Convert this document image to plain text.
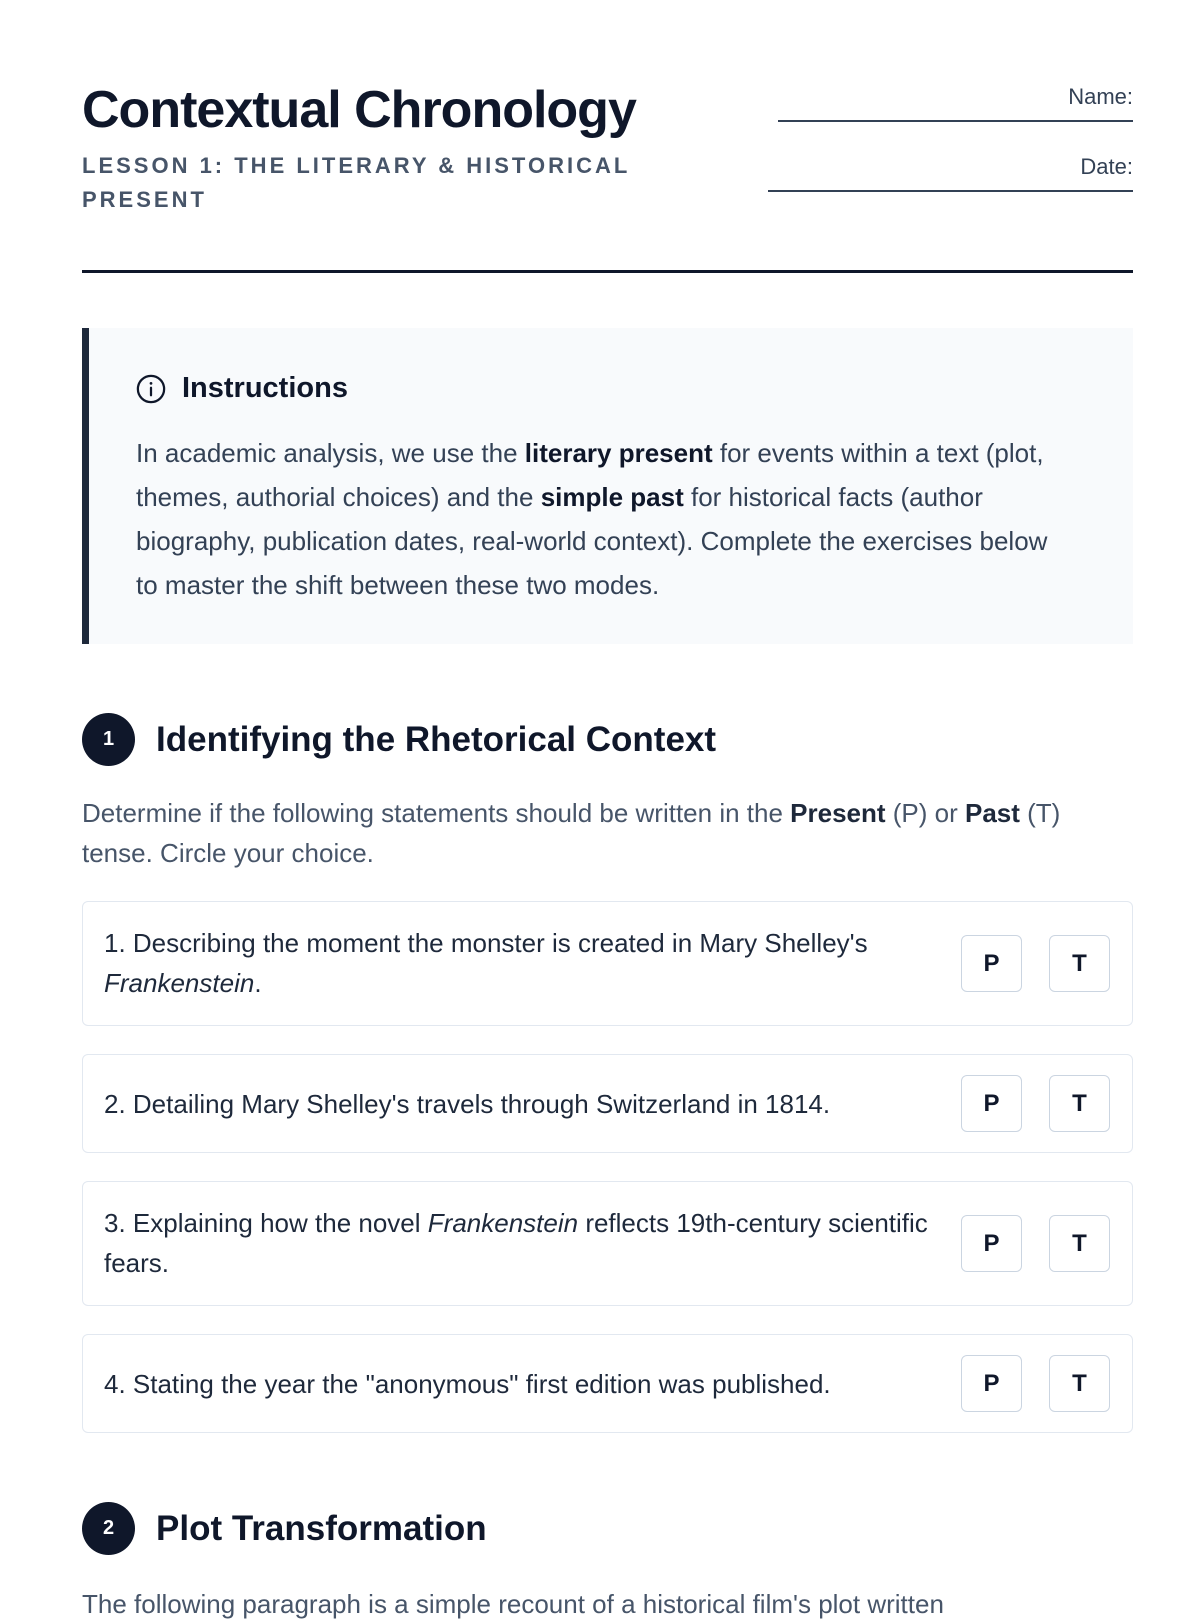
Contextual Chronology
LESSON 1: THE LITERARY & HISTORICAL PRESENT
Name:
Date:
Instructions
In academic analysis, we use the literary present for events within a text (plot, themes, authorial choices) and the simple past for historical facts (author biography, publication dates, real-world context). Complete the exercises below to master the shift between these two modes.
1	Identifying the Rhetorical Context
Determine if the following statements should be written in the Present (P) or Past (T) tense. Circle your choice.
1. Describing the moment the monster is created in Mary Shelley's Frankenstein.
P	T
2. Detailing Mary Shelley's travels through Switzerland in 1814.	P	T
3. Explaining how the novel Frankenstein reflects 19th-century scientific fears.
P	T
4. Stating the year the "anonymous" first edition was published.	P	T
2	Plot Transformation
The following paragraph is a simple recount of a historical film's plot written
